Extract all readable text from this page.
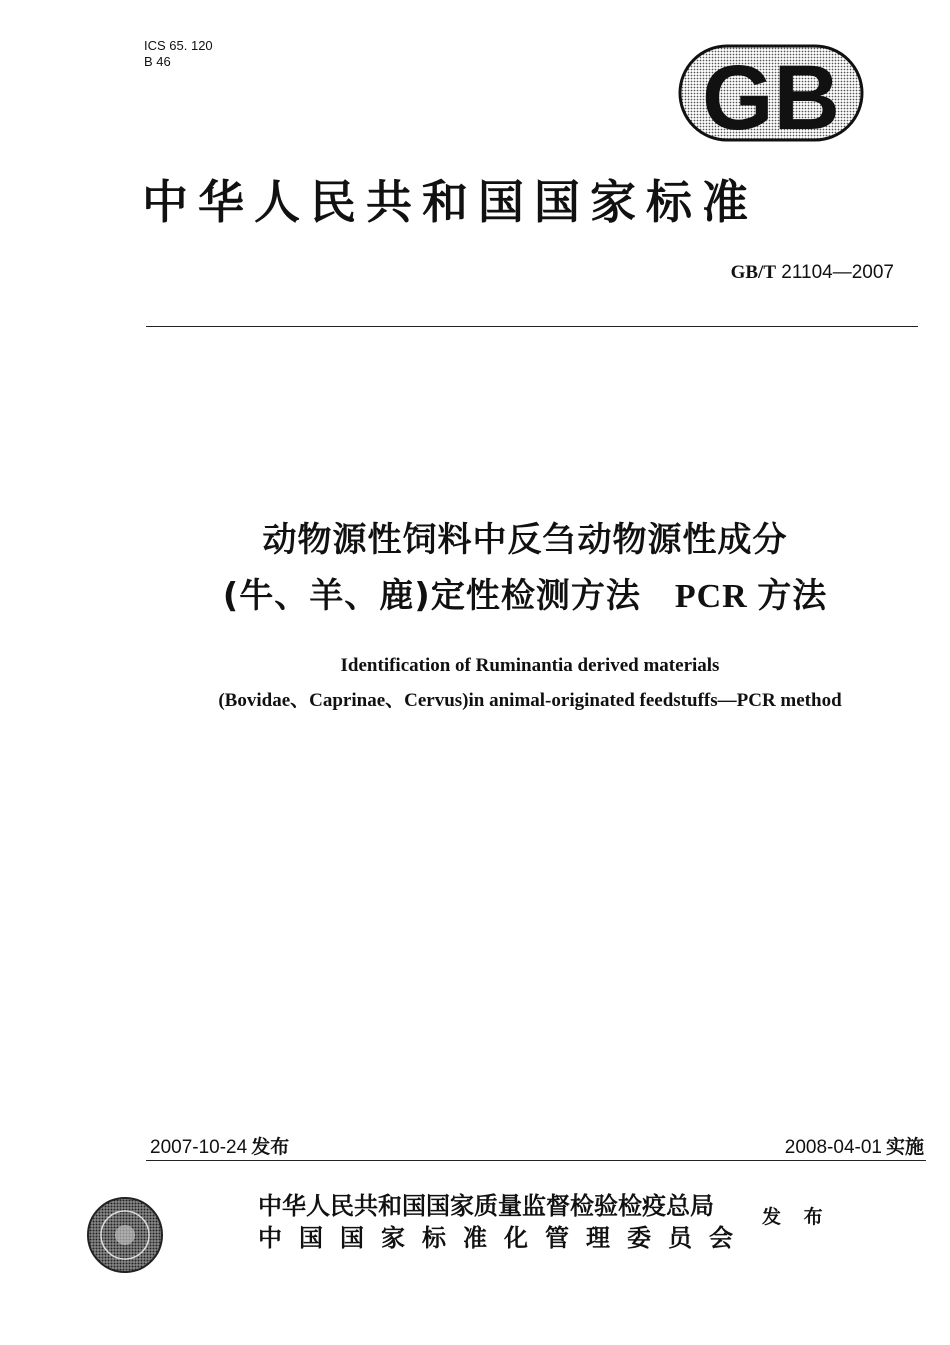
ICS 65. 120
B 46	GB
中华人民共和国国家标准
GB/T 21104—2007
动物源性饲料中反刍动物源性成分
(牛、羊、鹿)定性检测方法 PCR 方法
Identification of Ruminantia derived materials
(Bovidae、Caprinae、Cervus)in animal-originated feedstuffs—PCR method
2007-10-24 发布	2008-04-01 实施
中华人民共和国国家质量监督检验检疫总局
中国国家标准化管理委员会
发 布
